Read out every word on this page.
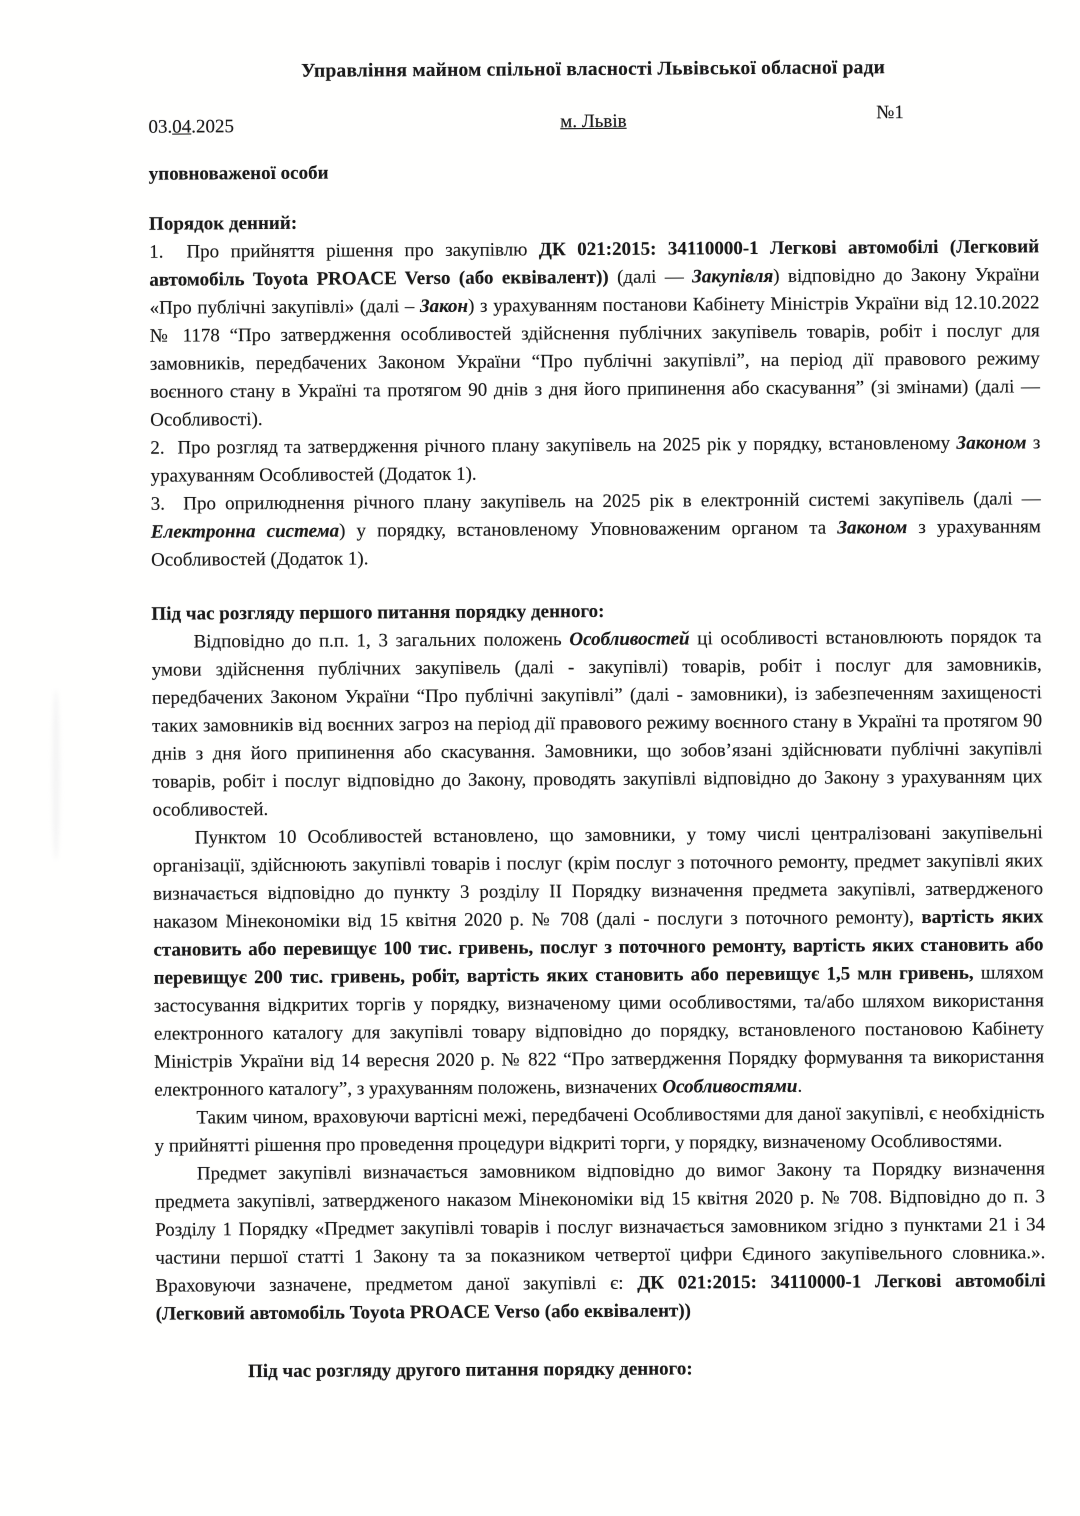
Управління майном спільної власності Львівської обласної ради
03.04.2025	м. Львів	№1
уповноваженої особи
Порядок денний:

1.  Про прийняття рішення про закупівлю ДК 021:2015: 34110000-1 Легкові автомобілі (Легковий автомобіль Toyota PROACE Verso (або еквівалент)) (далі — Закупівля) відповідно до Закону України «Про публічні закупівлі» (далі – Закон) з урахуванням постанови Кабінету Міністрів України від 12.10.2022 № 1178 “Про затвердження особливостей здійснення публічних закупівель товарів, робіт і послуг для замовників, передбачених Законом України “Про публічні закупівлі”, на період дії правового режиму воєнного стану в Україні та протягом 90 днів з дня його припинення або скасування” (зі змінами) (далі — Особливості).

2.  Про розгляд та затвердження річного плану закупівель на 2025 рік у порядку, встановленому Законом з урахуванням Особливостей (Додаток 1).

3.  Про оприлюднення річного плану закупівель на 2025 рік в електронній системі закупівель (далі — Електронна система) у порядку, встановленому Уповноваженим органом та Законом з урахуванням Особливостей (Додаток 1).

Під час розгляду першого питання порядку денного:

Відповідно до п.п. 1, 3 загальних положень Особливостей ці особливості встановлюють порядок та умови здійснення публічних закупівель (далі - закупівлі) товарів, робіт і послуг для замовників, передбачених Законом України “Про публічні закупівлі” (далі - замовники), із забезпеченням захищеності таких замовників від воєнних загроз на період дії правового режиму воєнного стану в Україні та протягом 90 днів з дня його припинення або скасування. Замовники, що зобов’язані здійснювати публічні закупівлі товарів, робіт і послуг відповідно до Закону, проводять закупівлі відповідно до Закону з урахуванням цих особливостей.

Пунктом 10 Особливостей встановлено, що замовники, у тому числі централізовані закупівельні організації, здійснюють закупівлі товарів і послуг (крім послуг з поточного ремонту, предмет закупівлі яких визначається відповідно до пункту 3 розділу ІІ Порядку визначення предмета закупівлі, затвердженого наказом Мінекономіки від 15 квітня 2020 р. № 708 (далі - послуги з поточного ремонту), вартість яких становить або перевищує 100 тис. гривень, послуг з поточного ремонту, вартість яких становить або перевищує 200 тис. гривень, робіт, вартість яких становить або перевищує 1,5 млн гривень, шляхом застосування відкритих торгів у порядку, визначеному цими особливостями, та/або шляхом використання електронного каталогу для закупівлі товару відповідно до порядку, встановленого постановою Кабінету Міністрів України від 14 вересня 2020 р. № 822 “Про затвердження Порядку формування та використання електронного каталогу”, з урахуванням положень, визначених Особливостями.

Таким чином, враховуючи вартісні межі, передбачені Особливостями для даної закупівлі, є необхідність у прийнятті рішення про проведення процедури відкриті торги, у порядку, визначеному Особливостями.

Предмет закупівлі визначається замовником відповідно до вимог Закону та Порядку визначення предмета закупівлі, затвердженого наказом Мінекономіки від 15 квітня 2020 р. № 708. Відповідно до п. 3 Розділу 1 Порядку «Предмет закупівлі товарів і послуг визначається замовником згідно з пунктами 21 і 34 частини першої статті 1 Закону та за показником четвертої цифри Єдиного закупівельного словника.». Враховуючи зазначене, предметом даної закупівлі є: ДК 021:2015: 34110000-1 Легкові автомобілі (Легковий автомобіль Toyota PROACE Verso (або еквівалент))

Під час розгляду другого питання порядку денного:
